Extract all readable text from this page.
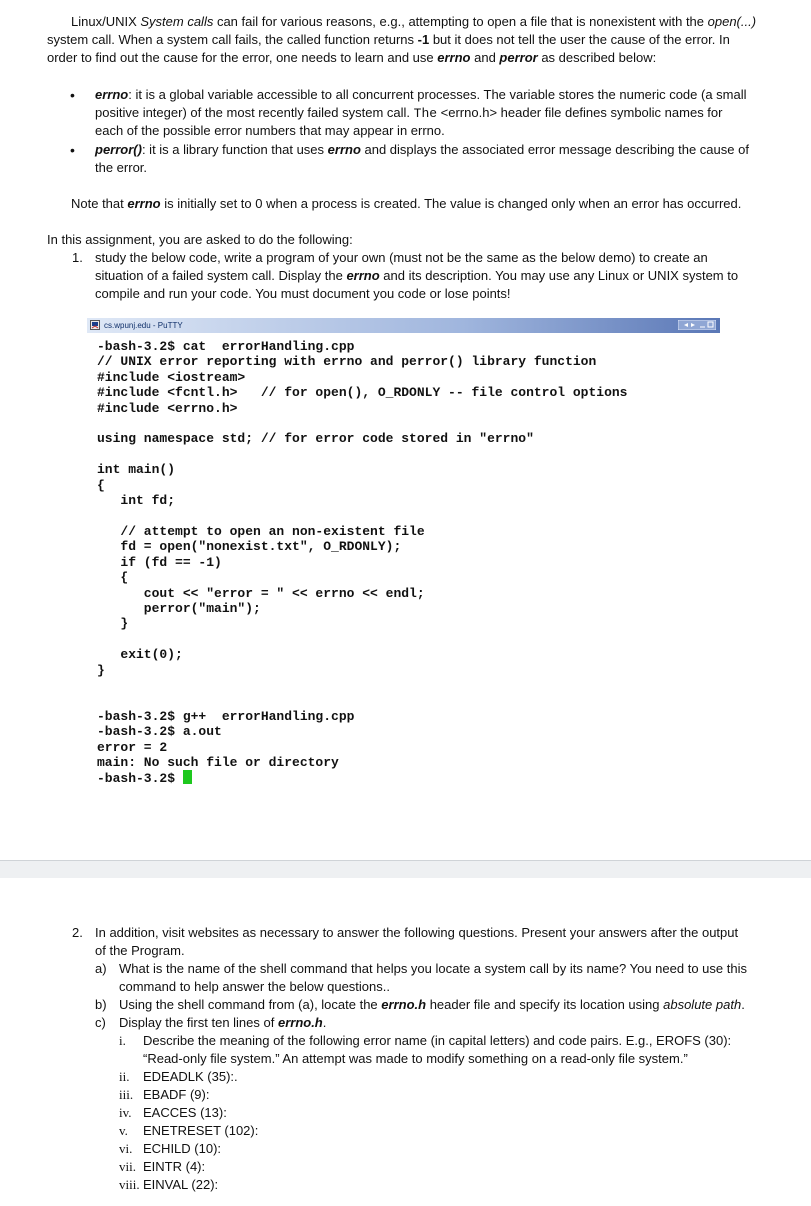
Linux/UNIX System calls can fail for various reasons, e.g., attempting to open a file that is nonexistent with the open(...)

system call. When a system call fails, the called function returns -1 but it does not tell the user the cause of the error. In

order to find out the cause for the error, one needs to learn and use errno and perror as described below:

• errno: it is a global variable accessible to all concurrent processes. The variable stores the numeric code (a small

positive integer) of the most recently failed system call. The <errno.h> header file defines symbolic names for

each of the possible error numbers that may appear in errno.

• perror(): it is a library function that uses errno and displays the associated error message describing the cause of

the error.

Note that errno is initially set to 0 when a process is created. The value is changed only when an error has occurred.

In this assignment, you are asked to do the following:

1. study the below code, write a program of your own (must not be the same as the below demo) to create an

situation of a failed system call. Display the errno and its description. You may use any Linux or UNIX system to

compile and run your code. You must document you code or lose points!

cs.wpunj.edu - PuTTY
-bash-3.2$ cat  errorHandling.cpp
// UNIX error reporting with errno and perror() library function
#include <iostream>
#include <fcntl.h>   // for open(), O_RDONLY -- file control options
#include <errno.h>

using namespace std; // for error code stored in "errno"

int main()
{
int fd;

// attempt to open an non-existent file
fd = open("nonexist.txt", O_RDONLY);
if (fd == -1)
{
cout << "error = " << errno << endl;
perror("main");
}

exit(0);
}

-bash-3.2$ g++  errorHandling.cpp
-bash-3.2$ a.out
error = 2
main: No such file or directory
-bash-3.2$

2. In addition, visit websites as necessary to answer the following questions. Present your answers after the output

of the Program.

a) What is the name of the shell command that helps you locate a system call by its name? You need to use this

command to help answer the below questions..

b) Using the shell command from (a), locate the errno.h header file and specify its location using absolute path.

c) Display the first ten lines of errno.h.

i. Describe the meaning of the following error name (in capital letters) and code pairs. E.g., EROFS (30):

“Read-only file system.” An attempt was made to modify something on a read-only file system.”

ii. EDEADLK (35):.

iii. EBADF (9):

iv. EACCES (13):

v. ENETRESET (102):

vi. ECHILD (10):

vii. EINTR (4):

viii. EINVAL (22):
